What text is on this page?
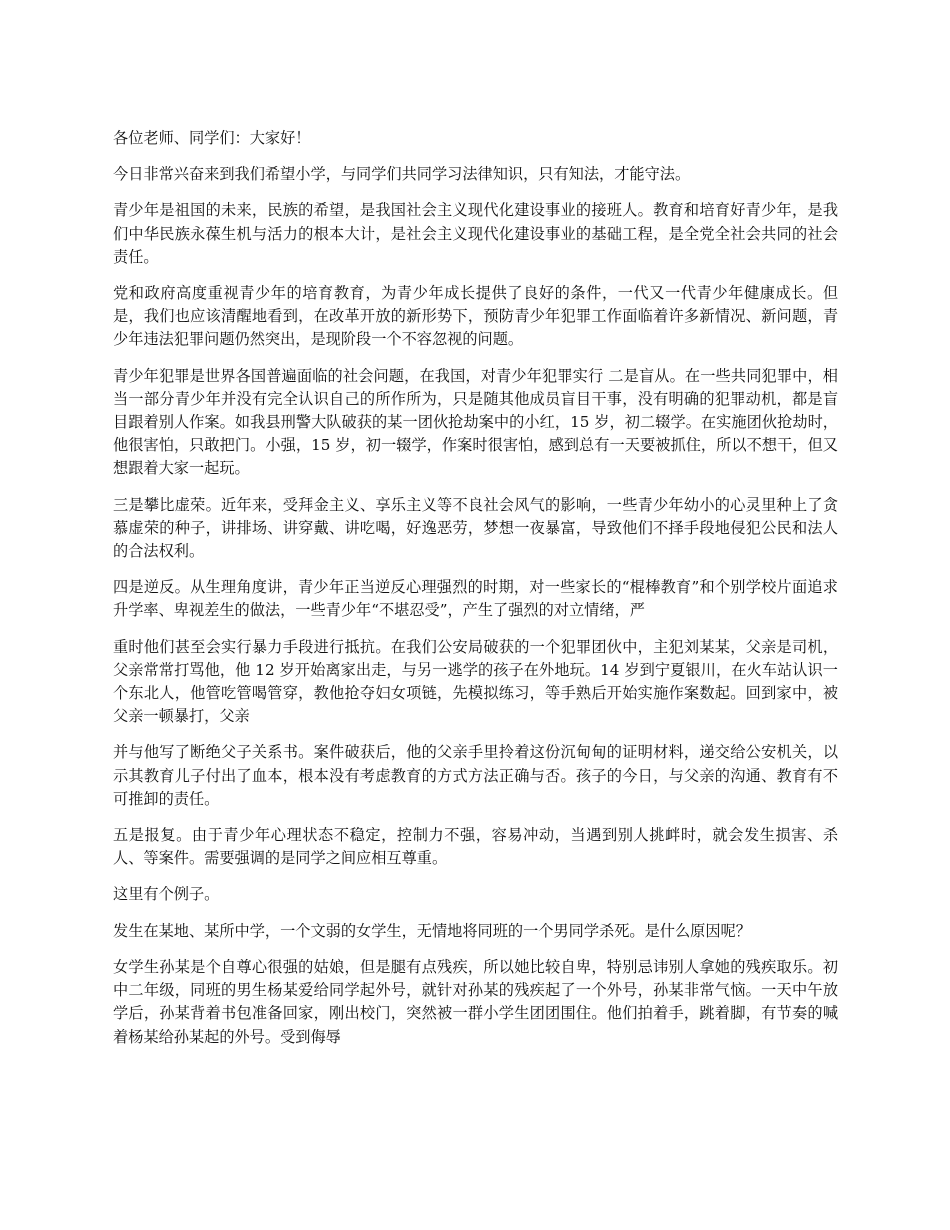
各位老师、同学们：大家好！

今日非常兴奋来到我们希望小学，与同学们共同学习法律知识，只有知法，才能守法。

青少年是祖国的未来，民族的希望，是我国社会主义现代化建设事业的接班人。教育和培育好青少年，是我们中华民族永葆生机与活力的根本大计，是社会主义现代化建设事业的基础工程，是全党全社会共同的社会责任。

党和政府高度重视青少年的培育教育，为青少年成长提供了良好的条件，一代又一代青少年健康成长。但是，我们也应该清醒地看到，在改革开放的新形势下，预防青少年犯罪工作面临着许多新情况、新问题，青少年违法犯罪问题仍然突出，是现阶段一个不容忽视的问题。

青少年犯罪是世界各国普遍面临的社会问题，在我国，对青少年犯罪实行 二是盲从。在一些共同犯罪中，相当一部分青少年并没有完全认识自己的所作所为，只是随其他成员盲目干事，没有明确的犯罪动机，都是盲目跟着别人作案。如我县刑警大队破获的某一团伙抢劫案中的小红，15 岁，初二辍学。在实施团伙抢劫时，他很害怕，只敢把门。小强，15 岁，初一辍学，作案时很害怕，感到总有一天要被抓住，所以不想干，但又想跟着大家一起玩。

三是攀比虚荣。近年来，受拜金主义、享乐主义等不良社会风气的影响，一些青少年幼小的心灵里种上了贪慕虚荣的种子，讲排场、讲穿戴、讲吃喝，好逸恶劳，梦想一夜暴富，导致他们不择手段地侵犯公民和法人的合法权利。

四是逆反。从生理角度讲，青少年正当逆反心理强烈的时期，对一些家长的“棍棒教育”和个别学校片面追求升学率、卑视差生的做法，一些青少年“不堪忍受”，产生了强烈的对立情绪，严

重时他们甚至会实行暴力手段进行抵抗。在我们公安局破获的一个犯罪团伙中，主犯刘某某，父亲是司机，父亲常常打骂他，他 12 岁开始离家出走，与另一逃学的孩子在外地玩。14 岁到宁夏银川，在火车站认识一个东北人，他管吃管喝管穿，教他抢夺妇女项链，先模拟练习，等手熟后开始实施作案数起。回到家中，被父亲一顿暴打，父亲

并与他写了断绝父子关系书。案件破获后，他的父亲手里拎着这份沉甸甸的证明材料，递交给公安机关，以示其教育儿子付出了血本，根本没有考虑教育的方式方法正确与否。孩子的今日，与父亲的沟通、教育有不可推卸的责任。

五是报复。由于青少年心理状态不稳定，控制力不强，容易冲动，当遇到别人挑衅时，就会发生损害、杀人、等案件。需要强调的是同学之间应相互尊重。

这里有个例子。

发生在某地、某所中学，一个文弱的女学生，无情地将同班的一个男同学杀死。是什么原因呢？

女学生孙某是个自尊心很强的姑娘，但是腿有点残疾，所以她比较自卑，特别忌讳别人拿她的残疾取乐。初中二年级，同班的男生杨某爱给同学起外号，就针对孙某的残疾起了一个外号，孙某非常气恼。一天中午放学后，孙某背着书包准备回家，刚出校门，突然被一群小学生团团围住。他们拍着手，跳着脚，有节奏的喊着杨某给孙某起的外号。受到侮辱
